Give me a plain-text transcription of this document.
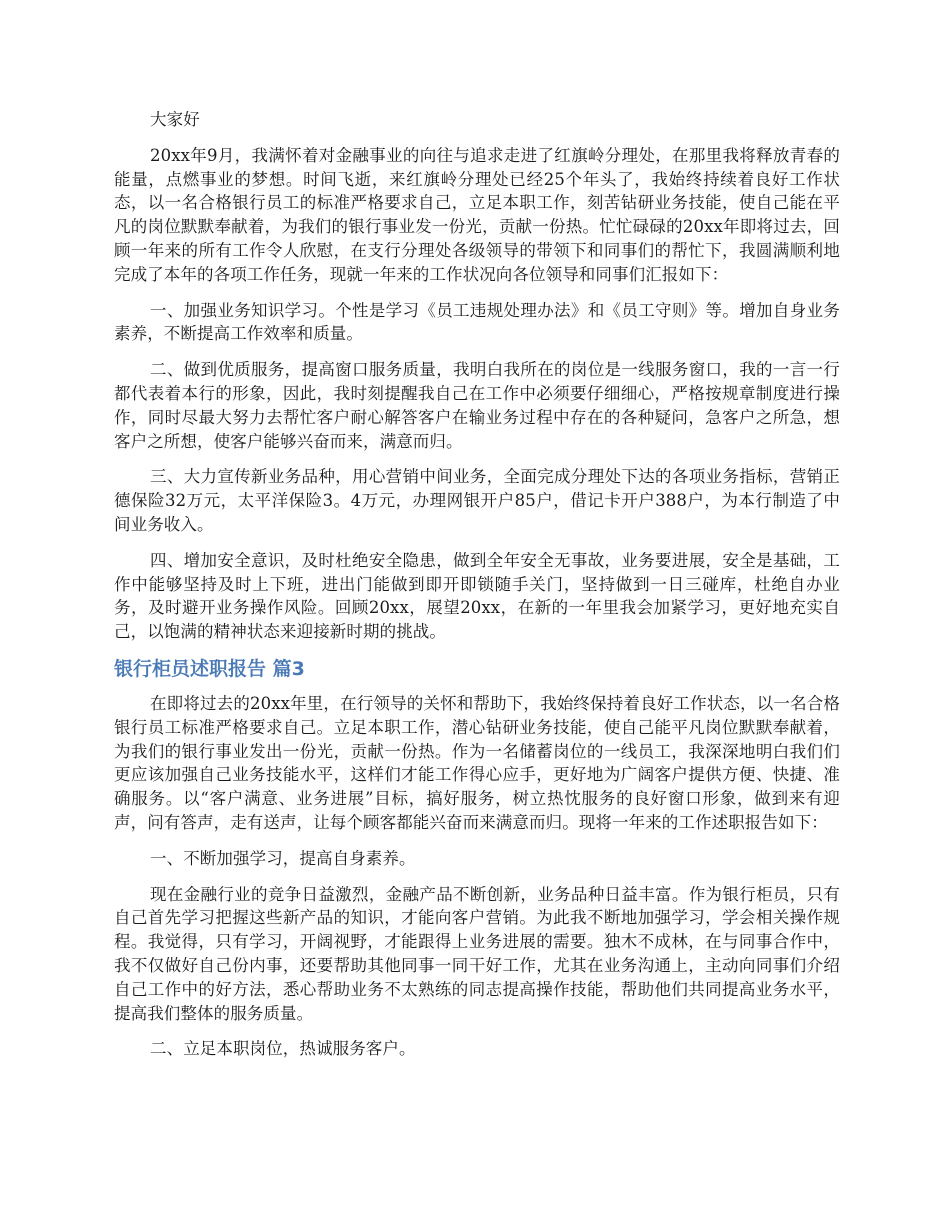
大家好

20xx年9月，我满怀着对金融事业的向往与追求走进了红旗岭分理处，在那里我将释放青春的能量，点燃事业的梦想。时间飞逝，来红旗岭分理处已经25个年头了，我始终持续着良好工作状态，以一名合格银行员工的标准严格要求自己，立足本职工作，刻苦钻研业务技能，使自己能在平凡的岗位默默奉献着，为我们的银行事业发一份光，贡献一份热。忙忙碌碌的20xx年即将过去，回顾一年来的所有工作令人欣慰，在支行分理处各级领导的带领下和同事们的帮忙下，我圆满顺利地完成了本年的各项工作任务，现就一年来的工作状况向各位领导和同事们汇报如下：

一、加强业务知识学习。个性是学习《员工违规处理办法》和《员工守则》等。增加自身业务素养，不断提高工作效率和质量。

二、做到优质服务，提高窗口服务质量，我明白我所在的岗位是一线服务窗口，我的一言一行都代表着本行的形象，因此，我时刻提醒我自己在工作中必须要仔细细心，严格按规章制度进行操作，同时尽最大努力去帮忙客户耐心解答客户在输业务过程中存在的各种疑问，急客户之所急，想客户之所想，使客户能够兴奋而来，满意而归。

三、大力宣传新业务品种，用心营销中间业务，全面完成分理处下达的各项业务指标，营销正德保险32万元，太平洋保险3。4万元，办理网银开户85户，借记卡开户388户，为本行制造了中间业务收入。

四、增加安全意识，及时杜绝安全隐患，做到全年安全无事故，业务要进展，安全是基础，工作中能够坚持及时上下班，进出门能做到即开即锁随手关门，坚持做到一日三碰库，杜绝自办业务，及时避开业务操作风险。回顾20xx，展望20xx，在新的一年里我会加紧学习，更好地充实自己，以饱满的精神状态来迎接新时期的挑战。

银行柜员述职报告 篇3

在即将过去的20xx年里，在行领导的关怀和帮助下，我始终保持着良好工作状态，以一名合格银行员工标准严格要求自己。立足本职工作，潜心钻研业务技能，使自己能平凡岗位默默奉献着，为我们的银行事业发出一份光，贡献一份热。作为一名储蓄岗位的一线员工，我深深地明白我们们更应该加强自己业务技能水平，这样们才能工作得心应手，更好地为广阔客户提供方便、快捷、准确服务。以“客户满意、业务进展”目标，搞好服务，树立热忱服务的良好窗口形象，做到来有迎声，问有答声，走有送声，让每个顾客都能兴奋而来满意而归。现将一年来的工作述职报告如下：

一、不断加强学习，提高自身素养。

现在金融行业的竞争日益激烈，金融产品不断创新，业务品种日益丰富。作为银行柜员，只有自己首先学习把握这些新产品的知识，才能向客户营销。为此我不断地加强学习，学会相关操作规程。我觉得，只有学习，开阔视野，才能跟得上业务进展的需要。独木不成林，在与同事合作中，我不仅做好自己份内事，还要帮助其他同事一同干好工作，尤其在业务沟通上，主动向同事们介绍自己工作中的好方法，悉心帮助业务不太熟练的同志提高操作技能，帮助他们共同提高业务水平，提高我们整体的服务质量。

二、立足本职岗位，热诚服务客户。
